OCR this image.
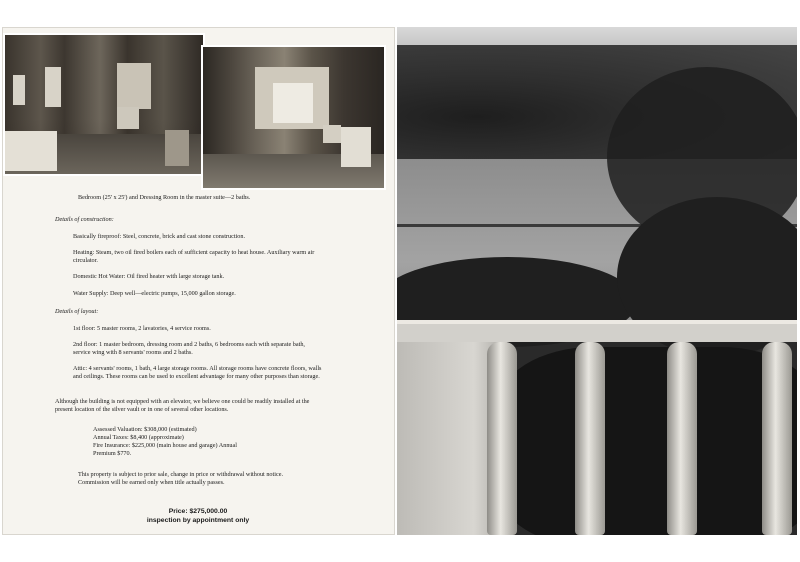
Bedroom (25' x 25') and Dressing Room in the master suite—2 baths.
Details of construction:
Basically fireproof: Steel, concrete, brick and cast stone construction.
Heating: Steam, two oil fired boilers each of sufficient capacity to heat house. Auxiliary warm air circulator.
Domestic Hot Water: Oil fired heater with large storage tank.
Water Supply: Deep well—electric pumps, 15,000 gallon storage.
Details of layout:
1st floor: 5 master rooms, 2 lavatories, 4 service rooms.
2nd floor: 1 master bedroom, dressing room and 2 baths, 6 bedrooms each with separate bath, service wing with 8 servants' rooms and 2 baths.
Attic: 4 servants' rooms, 1 bath, 4 large storage rooms. All storage rooms have concrete floors, walls and ceilings. These rooms can be used to excellent advantage for many other purposes than storage.
Although the building is not equipped with an elevator, we believe one could be readily installed at the present location of the silver vault or in one of several other locations.
Assessed Valuation: $308,000 (estimated)
Annual Taxes: $8,400 (approximate)
Fire Insurance: $225,000 (main house and garage) Annual
Premium $770.
This property is subject to prior sale, change in price or withdrawal without notice.
Commission will be earned only when title actually passes.
Price: $275,000.00
inspection by appointment only
